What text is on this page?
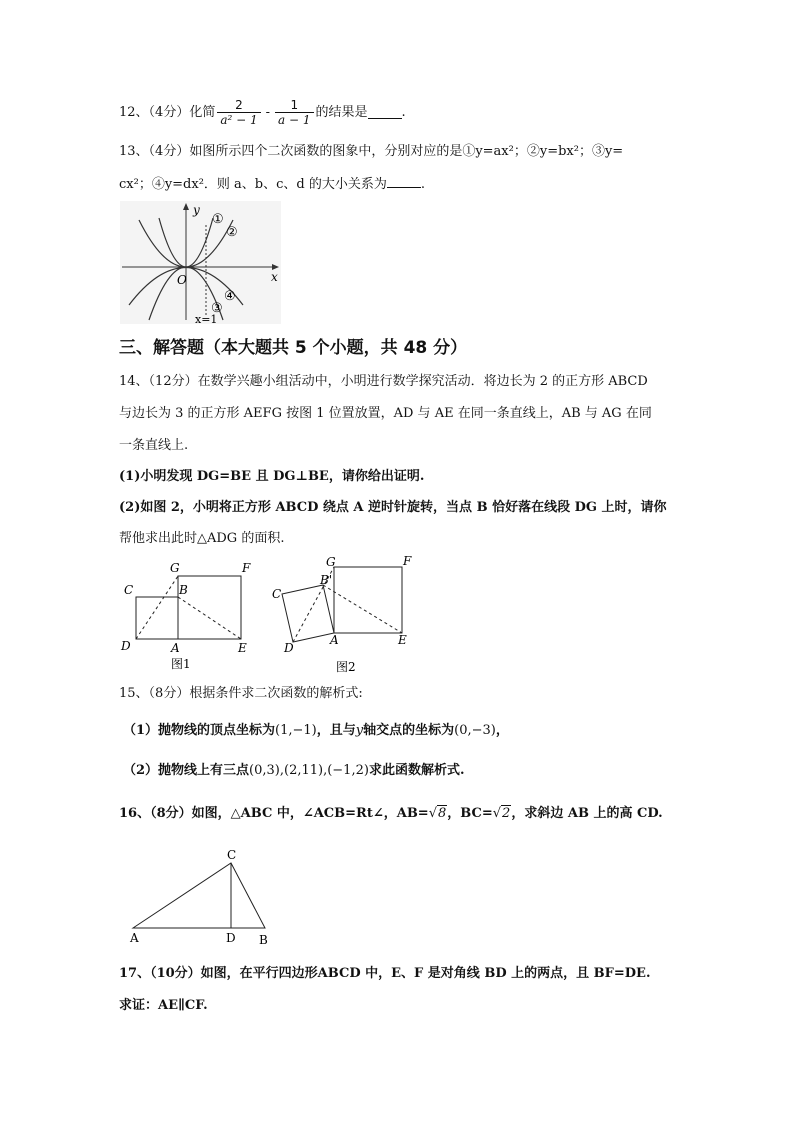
12、（4分）化简 $\frac{2}{\text{a² − 1}} - \frac{1}{a - 1}$ 的结果是	.
13、（4分）如图所示四个二次函数的图象中，分别对应的是①y=ax²；②y=bx²；③y=
cx²；④y=dx²．则 a、b、c、d 的大小关系为	.
y
x
O
x=1
①
②
③
④
三、解答题（本大题共 5 个小题，共 48 分）
14、（12分）在数学兴趣小组活动中，小明进行数学探究活动．将边长为 2 的正方形 ABCD
与边长为 3 的正方形 AEFG 按图 1 位置放置，AD 与 AE 在同一条直线上，AB 与 AG 在同
一条直线上.
(1)小明发现 DG=BE 且 DG⊥BE，请你给出证明.
(2)如图 2，小明将正方形 ABCD 绕点 A 逆时针旋转，当点 B 恰好落在线段 DG 上时，请你
帮他求出此时△ADG 的面积.
C
G
B
F
D	A	E
图1
C
G
B'
F
D
A	E
图2
15、（8分）根据条件求二次函数的解析式:
（1）抛物线的顶点坐标为(1,−1)，且与y轴交点的坐标为(0,−3)，
（2）抛物线上有三点(0,3),(2,11),(−1,2)求此函数解析式.
16、（8分）如图，△ABC 中，∠ACB=Rt∠，AB=√8，BC=√2，求斜边 AB 上的高 CD.
C
A	D B
17、（10分）如图，在平行四边形ABCD 中，E、F 是对角线 BD 上的两点，且 BF=DE.
求证：AE∥CF.
